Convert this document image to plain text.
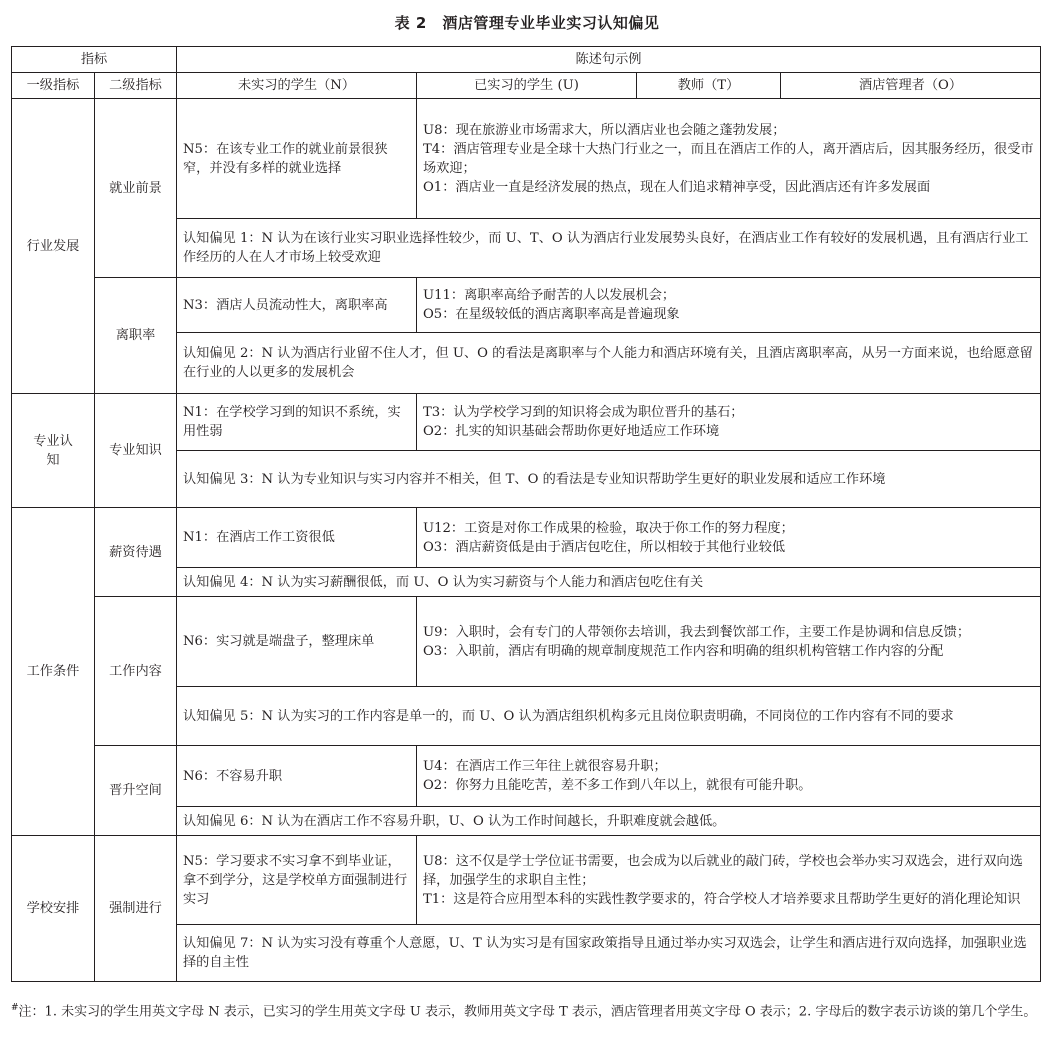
表 2　酒店管理专业毕业实习认知偏见
指标		陈述句示例			
一级指标	二级指标	未实习的学生（N）	已实习的学生 (U)	教师（T）	酒店管理者（O）
行业发展	就业前景	N5：在该专业工作的就业前景很狭窄，并没有多样的就业选择	U8：现在旅游业市场需求大，所以酒店业也会随之蓬勃发展；
T4：酒店管理专业是全球十大热门行业之一，而且在酒店工作的人，离开酒店后，因其服务经历，很受市场欢迎；
O1：酒店业一直是经济发展的热点，现在人们追求精神享受，因此酒店还有许多发展面		

		认知偏见 1：N 认为在该行业实习职业选择性较少，而 U、T、O 认为酒店行业发展势头良好，在酒店业工作有较好的发展机遇，且有酒店行业工作经历的人在人才市场上较受欢迎			
	离职率	N3：酒店人员流动性大，离职率高	U11：离职率高给予耐苦的人以发展机会；
O5：在星级较低的酒店离职率高是普遍现象		

		认知偏见 2：N 认为酒店行业留不住人才，但 U、O 的看法是离职率与个人能力和酒店环境有关，且酒店离职率高，从另一方面来说，也给愿意留在行业的人以更多的发展机会			
专业认知	专业知识	N1：在学校学习到的知识不系统，实用性弱	T3：认为学校学习到的知识将会成为职位晋升的基石；
O2：扎实的知识基础会帮助你更好地适应工作环境		

		认知偏见 3：N 认为专业知识与实习内容并不相关，但 T、O 的看法是专业知识帮助学生更好的职业发展和适应工作环境			
工作条件	薪资待遇	N1：在酒店工作工资很低	U12：工资是对你工作成果的检验，取决于你工作的努力程度；
O3：酒店薪资低是由于酒店包吃住，所以相较于其他行业较低		

		认知偏见 4：N 认为实习薪酬很低，而 U、O 认为实习薪资与个人能力和酒店包吃住有关			
	工作内容	N6：实习就是端盘子，整理床单	U9：入职时，会有专门的人带领你去培训，我去到餐饮部工作，主要工作是协调和信息反馈；
O3：入职前，酒店有明确的规章制度规范工作内容和明确的组织机构管辖工作内容的分配		

		认知偏见 5：N 认为实习的工作内容是单一的，而 U、O 认为酒店组织机构多元且岗位职责明确，不同岗位的工作内容有不同的要求			
	晋升空间	N6：不容易升职	U4：在酒店工作三年往上就很容易升职；
O2：你努力且能吃苦，差不多工作到八年以上，就很有可能升职。		

		认知偏见 6：N 认为在酒店工作不容易升职，U、O 认为工作时间越长，升职难度就会越低。			
学校安排	强制进行	N5：学习要求不实习拿不到毕业证，拿不到学分，这是学校单方面强制进行实习	U8：这不仅是学士学位证书需要，也会成为以后就业的敲门砖，学校也会举办实习双选会，进行双向选择，加强学生的求职自主性；
T1：这是符合应用型本科的实践性教学要求的，符合学校人才培养要求且帮助学生更好的消化理论知识		

		认知偏见 7：N 认为实习没有尊重个人意愿，U、T 认为实习是有国家政策指导且通过举办实习双选会，让学生和酒店进行双向选择，加强职业选择的自主性			
#注：1. 未实习的学生用英文字母 N 表示，已实习的学生用英文字母 U 表示，教师用英文字母 T 表示，酒店管理者用英文字母 O 表示；2. 字母后的数字表示访谈的第几个学生。
